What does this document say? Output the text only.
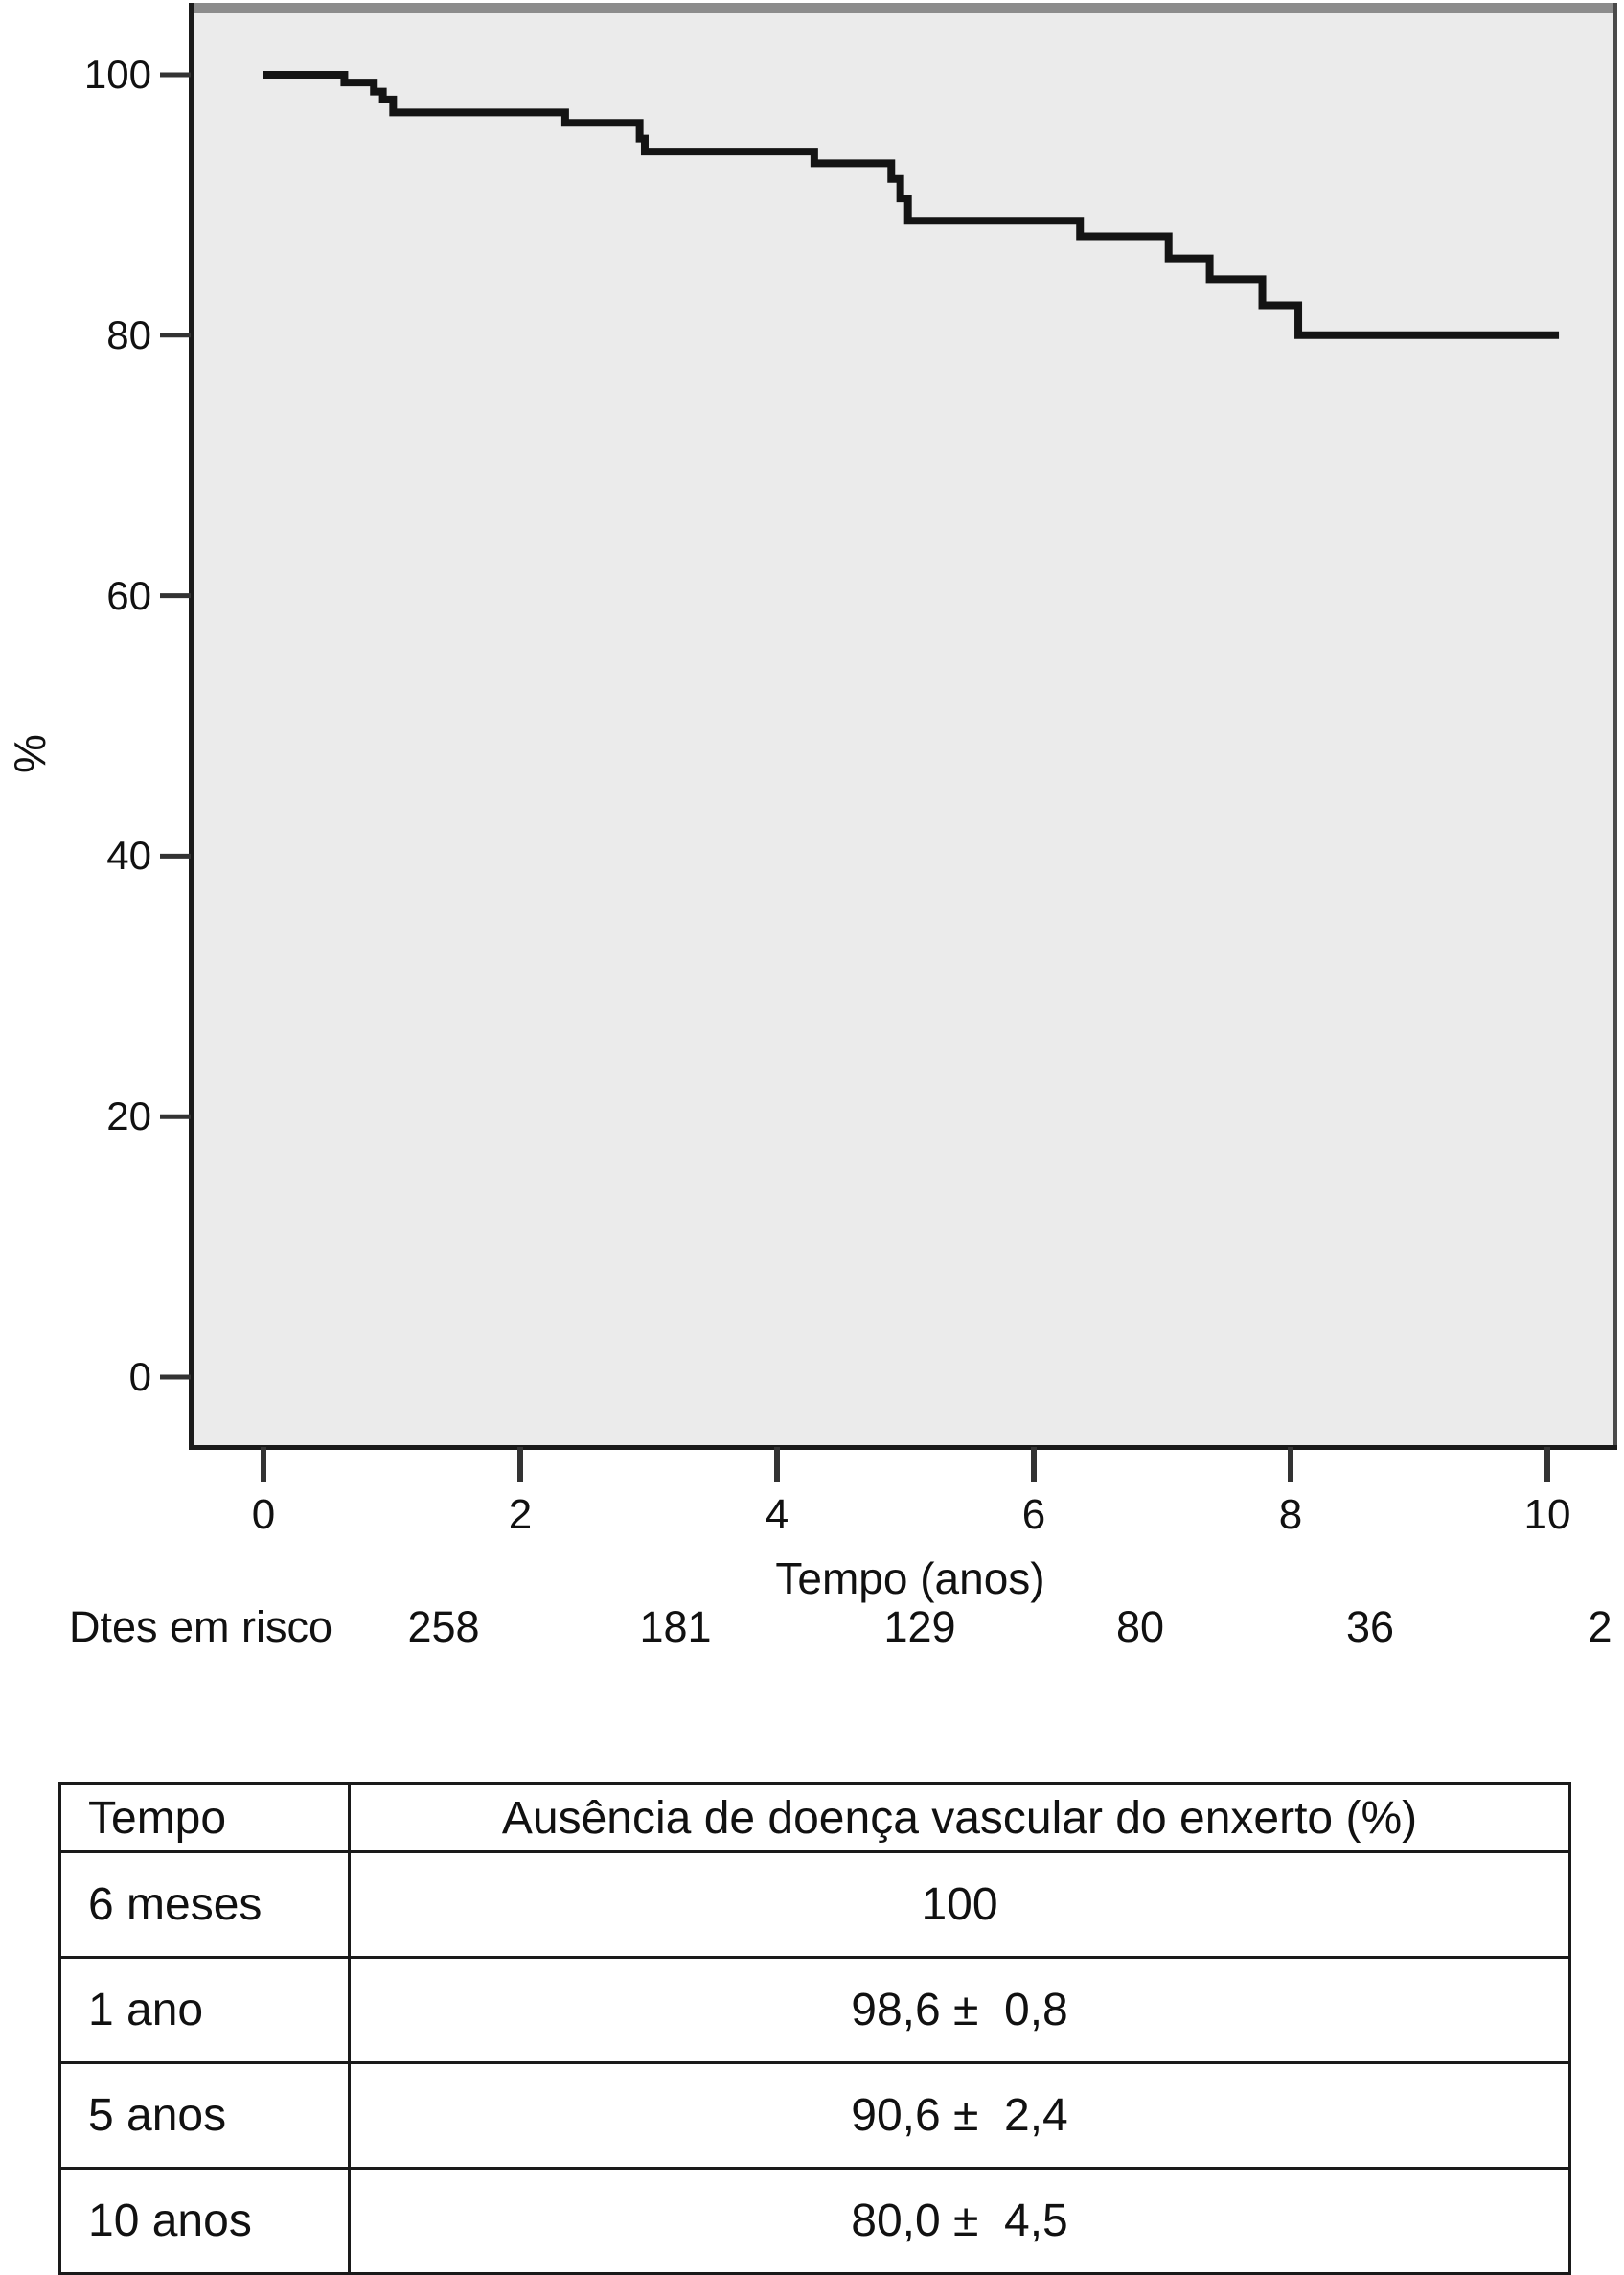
0
20
40
60
80
100
0	2	4	6	8	10
%
Tempo (anos)
Dtes em risco	258	181	129	80	36	2
Tempo	Ausência de doença vascular do enxerto (%)
6 meses	100
1 ano	98,6 ±  0,8
5 anos	90,6 ±  2,4
10 anos	80,0 ±  4,5
